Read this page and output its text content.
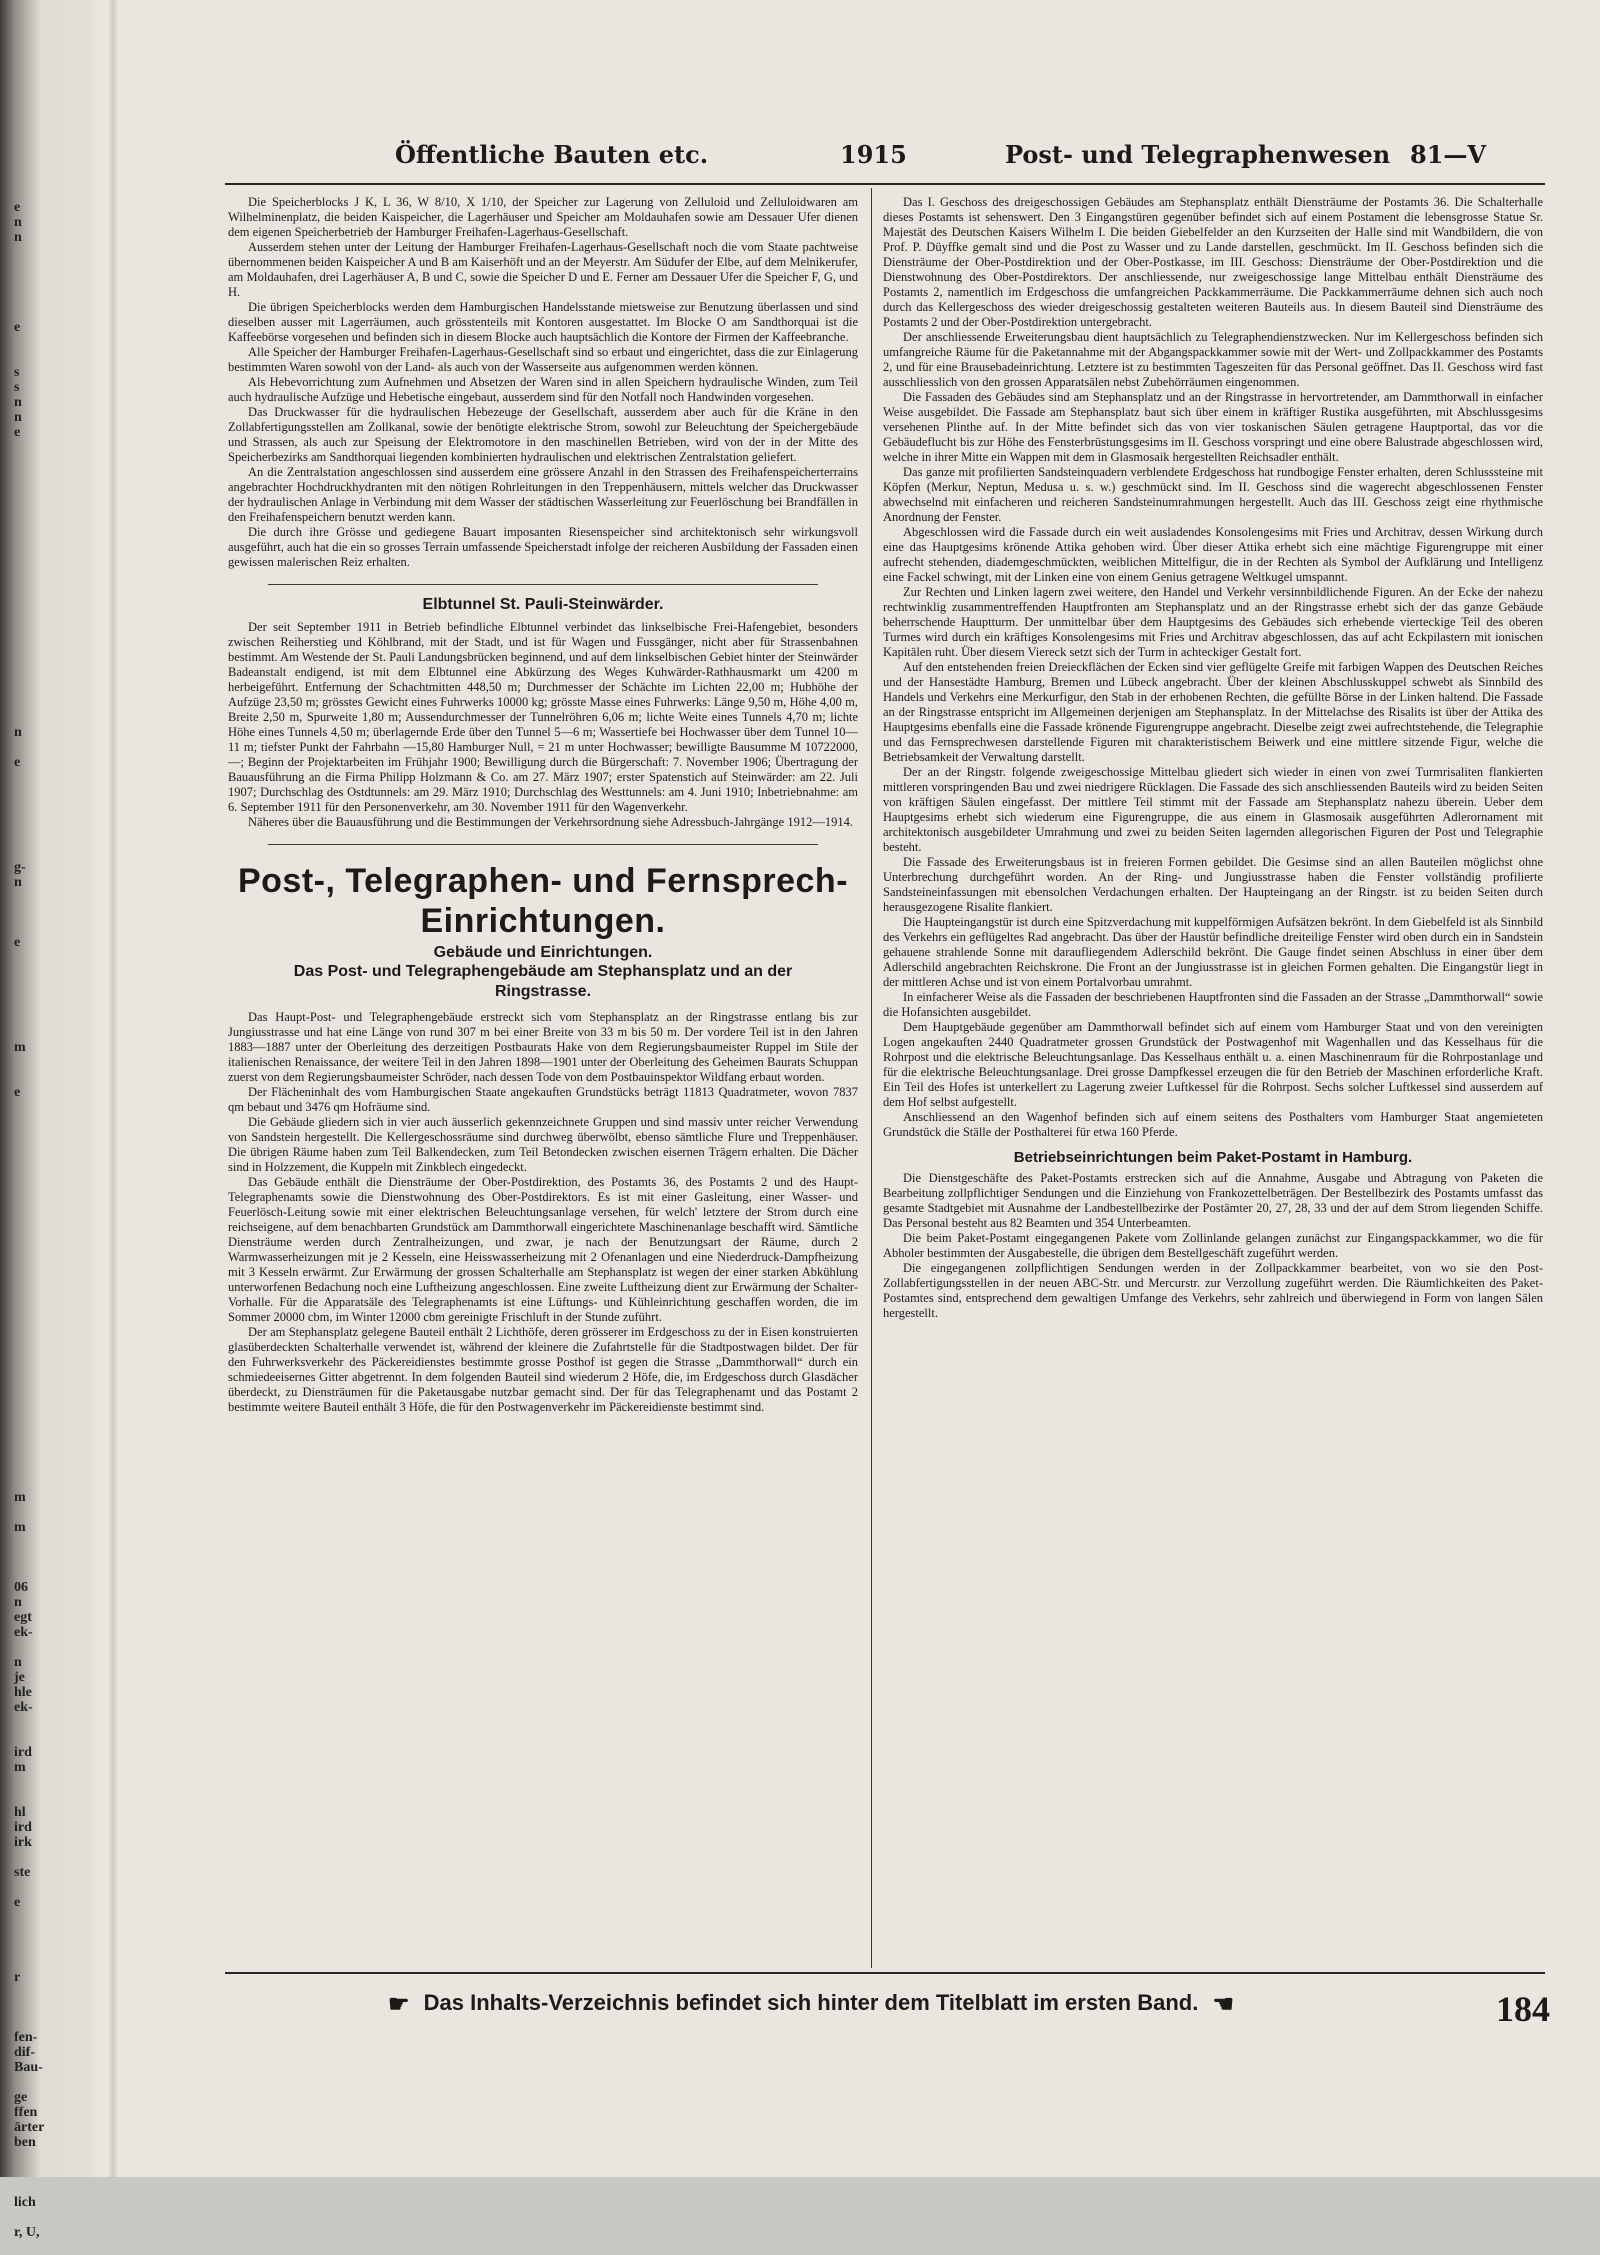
e
n
n
e
s
s
n
n
e
n
e
g-
n
e
m
e
m
m
06
n
egt
ek-
n
je
hle
ek-
ird
m
hl
ird
irk
ste
e
r
fen-
dif-
Bau-
ge
ffen
ärter
ben
lich
r, U,
Öffentliche Bauten etc.	1915	Post- und Telegraphenwesen 81—V

Die Speicherblocks J K, L 36, W 8/10, X 1/10, der Speicher zur Lagerung von Zelluloid und Zelluloidwaren am Wilhelminenplatz, die beiden Kaispeicher, die Lagerhäuser und Speicher am Moldauhafen sowie am Dessauer Ufer dienen dem eigenen Speicherbetrieb der Hamburger Freihafen-Lagerhaus-Gesellschaft.

Ausserdem stehen unter der Leitung der Hamburger Freihafen-Lagerhaus-Gesellschaft noch die vom Staate pachtweise übernommenen beiden Kaispeicher A und B am Kaiserhöft und an der Meyerstr. Am Südufer der Elbe, auf dem Melnikerufer, am Moldauhafen, drei Lagerhäuser A, B und C, sowie die Speicher D und E. Ferner am Dessauer Ufer die Speicher F, G, und H.

Die übrigen Speicherblocks werden dem Hamburgischen Handelsstande mietsweise zur Benutzung überlassen und sind dieselben ausser mit Lagerräumen, auch grösstenteils mit Kontoren ausgestattet. Im Blocke O am Sandthorquai ist die Kaffeebörse vorgesehen und befinden sich in diesem Blocke auch hauptsächlich die Kontore der Firmen der Kaffeebranche.

Alle Speicher der Hamburger Freihafen-Lagerhaus-Gesellschaft sind so erbaut und eingerichtet, dass die zur Einlagerung bestimmten Waren sowohl von der Land- als auch von der Wasserseite aus aufgenommen werden können.

Als Hebevorrichtung zum Aufnehmen und Absetzen der Waren sind in allen Speichern hydraulische Winden, zum Teil auch hydraulische Aufzüge und Hebetische eingebaut, ausserdem sind für den Notfall noch Handwinden vorgesehen.

Das Druckwasser für die hydraulischen Hebezeuge der Gesellschaft, ausserdem aber auch für die Kräne in den Zollabfertigungsstellen am Zollkanal, sowie der benötigte elektrische Strom, sowohl zur Beleuchtung der Speichergebäude und Strassen, als auch zur Speisung der Elektromotore in den maschinellen Betrieben, wird von der in der Mitte des Speicherbezirks am Sandthorquai liegenden kombinierten hydraulischen und elektrischen Zentralstation geliefert.

An die Zentralstation angeschlossen sind ausserdem eine grössere Anzahl in den Strassen des Freihafenspeicherterrains angebrachter Hochdruckhydranten mit den nötigen Rohrleitungen in den Treppenhäusern, mittels welcher das Druckwasser der hydraulischen Anlage in Verbindung mit dem Wasser der städtischen Wasserleitung zur Feuerlöschung bei Brandfällen in den Freihafenspeichern benutzt werden kann.

Die durch ihre Grösse und gediegene Bauart imposanten Riesenspeicher sind architektonisch sehr wirkungsvoll ausgeführt, auch hat die ein so grosses Terrain umfassende Speicherstadt infolge der reicheren Ausbildung der Fassaden einen gewissen malerischen Reiz erhalten.

Elbtunnel St. Pauli-Steinwärder.

Der seit September 1911 in Betrieb befindliche Elbtunnel verbindet das linkselbische Frei-Hafengebiet, besonders zwischen Reiherstieg und Köhlbrand, mit der Stadt, und ist für Wagen und Fussgänger, nicht aber für Strassenbahnen bestimmt. Am Westende der St. Pauli Landungsbrücken beginnend, und auf dem linkselbischen Gebiet hinter der Steinwärder Badeanstalt endigend, ist mit dem Elbtunnel eine Abkürzung des Weges Kuhwärder-Rathhausmarkt um 4200 m herbeigeführt. Entfernung der Schachtmitten 448,50 m; Durchmesser der Schächte im Lichten 22,00 m; Hubhöhe der Aufzüge 23,50 m; grösstes Gewicht eines Fuhrwerks 10000 kg; grösste Masse eines Fuhrwerks: Länge 9,50 m, Höhe 4,00 m, Breite 2,50 m, Spurweite 1,80 m; Aussendurchmesser der Tunnelröhren 6,06 m; lichte Weite eines Tunnels 4,70 m; lichte Höhe eines Tunnels 4,50 m; überlagernde Erde über den Tunnel 5—6 m; Wassertiefe bei Hochwasser über dem Tunnel 10—11 m; tiefster Punkt der Fahrbahn —15,80 Hamburger Null, = 21 m unter Hochwasser; bewilligte Bausumme M 10722000,—; Beginn der Projektarbeiten im Frühjahr 1900; Bewilligung durch die Bürgerschaft: 7. November 1906; Übertragung der Bauausführung an die Firma Philipp Holzmann & Co. am 27. März 1907; erster Spatenstich auf Steinwärder: am 22. Juli 1907; Durchschlag des Ostdtunnels: am 29. März 1910; Durchschlag des Westtunnels: am 4. Juni 1910; Inbetriebnahme: am 6. September 1911 für den Personenverkehr, am 30. November 1911 für den Wagenverkehr.

Näheres über die Bauausführung und die Bestimmungen der Verkehrsordnung siehe Adressbuch-Jahrgänge 1912—1914.

Post-, Telegraphen- und Fernsprech-Einrichtungen.
Gebäude und Einrichtungen.
Das Post- und Telegraphengebäude am Stephansplatz und an der Ringstrasse.

Das Haupt-Post- und Telegraphengebäude erstreckt sich vom Stephansplatz an der Ringstrasse entlang bis zur Jungiusstrasse und hat eine Länge von rund 307 m bei einer Breite von 33 m bis 50 m. Der vordere Teil ist in den Jahren 1883—1887 unter der Oberleitung des derzeitigen Postbaurats Hake von dem Regierungsbaumeister Ruppel im Stile der italienischen Renaissance, der weitere Teil in den Jahren 1898—1901 unter der Oberleitung des Geheimen Baurats Schuppan zuerst von dem Regierungsbaumeister Schröder, nach dessen Tode von dem Postbauinspektor Wildfang erbaut worden.

Der Flächeninhalt des vom Hamburgischen Staate angekauften Grundstücks beträgt 11813 Quadratmeter, wovon 7837 qm bebaut und 3476 qm Hofräume sind.

Die Gebäude gliedern sich in vier auch äusserlich gekennzeichnete Gruppen und sind massiv unter reicher Verwendung von Sandstein hergestellt. Die Kellergeschossräume sind durchweg überwölbt, ebenso sämtliche Flure und Treppenhäuser. Die übrigen Räume haben zum Teil Balkendecken, zum Teil Betondecken zwischen eisernen Trägern erhalten. Die Dächer sind in Holzzement, die Kuppeln mit Zinkblech eingedeckt.

Das Gebäude enthält die Diensträume der Ober-Postdirektion, des Postamts 36, des Postamts 2 und des Haupt-Telegraphenamts sowie die Dienstwohnung des Ober-Postdirektors. Es ist mit einer Gasleitung, einer Wasser- und Feuerlösch-Leitung sowie mit einer elektrischen Beleuchtungsanlage versehen, für welch' letztere der Strom durch eine reichseigene, auf dem benachbarten Grundstück am Dammthorwall eingerichtete Maschinenanlage beschafft wird. Sämtliche Diensträume werden durch Zentralheizungen, und zwar, je nach der Benutzungsart der Räume, durch 2 Warmwasserheizungen mit je 2 Kesseln, eine Heisswasserheizung mit 2 Ofenanlagen und eine Niederdruck-Dampfheizung mit 3 Kesseln erwärmt. Zur Erwärmung der grossen Schalterhalle am Stephansplatz ist wegen der einer starken Abkühlung unterworfenen Bedachung noch eine Luftheizung angeschlossen. Eine zweite Luftheizung dient zur Erwärmung der Schalter-Vorhalle. Für die Apparatsäle des Telegraphenamts ist eine Lüftungs- und Kühleinrichtung geschaffen worden, die im Sommer 20000 cbm, im Winter 12000 cbm gereinigte Frischluft in der Stunde zuführt.

Der am Stephansplatz gelegene Bauteil enthält 2 Lichthöfe, deren grösserer im Erdgeschoss zu der in Eisen konstruierten glasüberdeckten Schalterhalle verwendet ist, während der kleinere die Zufahrtstelle für die Stadtpostwagen bildet. Der für den Fuhrwerksverkehr des Päckereidienstes bestimmte grosse Posthof ist gegen die Strasse „Dammthorwall“ durch ein schmiedeeisernes Gitter abgetrennt. In dem folgenden Bauteil sind wiederum 2 Höfe, die, im Erdgeschoss durch Glasdächer überdeckt, zu Diensträumen für die Paketausgabe nutzbar gemacht sind. Der für das Telegraphenamt und das Postamt 2 bestimmte weitere Bauteil enthält 3 Höfe, die für den Postwagenverkehr im Päckereidienste bestimmt sind.

Das I. Geschoss des dreigeschossigen Gebäudes am Stephansplatz enthält Diensträume der Postamts 36. Die Schalterhalle dieses Postamts ist sehenswert. Den 3 Eingangstüren gegenüber befindet sich auf einem Postament die lebensgrosse Statue Sr. Majestät des Deutschen Kaisers Wilhelm I. Die beiden Giebelfelder an den Kurzseiten der Halle sind mit Wandbildern, die von Prof. P. Düyffke gemalt sind und die Post zu Wasser und zu Lande darstellen, geschmückt. Im II. Geschoss befinden sich die Diensträume der Ober-Postdirektion und der Ober-Postkasse, im III. Geschoss: Diensträume der Ober-Postdirektion und die Dienstwohnung des Ober-Postdirektors. Der anschliessende, nur zweigeschossige lange Mittelbau enthält Diensträume des Postamts 2, namentlich im Erdgeschoss die umfangreichen Packkammerräume. Die Packkammerräume dehnen sich auch noch durch das Kellergeschoss des wieder dreigeschossig gestalteten weiteren Bauteils aus. In diesem Bauteil sind Diensträume des Postamts 2 und der Ober-Postdirektion untergebracht.

Der anschliessende Erweiterungsbau dient hauptsächlich zu Telegraphendienstzwecken. Nur im Kellergeschoss befinden sich umfangreiche Räume für die Paketannahme mit der Abgangspackkammer sowie mit der Wert- und Zollpackkammer des Postamts 2, und für eine Brausebadeinrichtung. Letztere ist zu bestimmten Tageszeiten für das Personal geöffnet. Das II. Geschoss wird fast ausschliesslich von den grossen Apparatsälen nebst Zubehörräumen eingenommen.

Die Fassaden des Gebäudes sind am Stephansplatz und an der Ringstrasse in hervortretender, am Dammthorwall in einfacher Weise ausgebildet. Die Fassade am Stephansplatz baut sich über einem in kräftiger Rustika ausgeführten, mit Abschlussgesims versehenen Plinthe auf. In der Mitte befindet sich das von vier toskanischen Säulen getragene Hauptportal, das vor die Gebäudeflucht bis zur Höhe des Fensterbrüstungsgesims im II. Geschoss vorspringt und eine obere Balustrade abgeschlossen wird, welche in ihrer Mitte ein Wappen mit dem in Glasmosaik hergestellten Reichsadler enthält.

Das ganze mit profilierten Sandsteinquadern verblendete Erdgeschoss hat rundbogige Fenster erhalten, deren Schlusssteine mit Köpfen (Merkur, Neptun, Medusa u. s. w.) geschmückt sind. Im II. Geschoss sind die wagerecht abgeschlossenen Fenster abwechselnd mit einfacheren und reicheren Sandsteinumrahmungen hergestellt. Auch das III. Geschoss zeigt eine rhythmische Anordnung der Fenster.

Abgeschlossen wird die Fassade durch ein weit ausladendes Konsolengesims mit Fries und Architrav, dessen Wirkung durch eine das Hauptgesims krönende Attika gehoben wird. Über dieser Attika erhebt sich eine mächtige Figurengruppe mit einer aufrecht stehenden, diademgeschmückten, weiblichen Mittelfigur, die in der Rechten als Symbol der Aufklärung und Intelligenz eine Fackel schwingt, mit der Linken eine von einem Genius getragene Weltkugel umspannt.

Zur Rechten und Linken lagern zwei weitere, den Handel und Verkehr versinnbildlichende Figuren. An der Ecke der nahezu rechtwinklig zusammentreffenden Hauptfronten am Stephansplatz und an der Ringstrasse erhebt sich der das ganze Gebäude beherrschende Hauptturm. Der unmittelbar über dem Hauptgesims des Gebäudes sich erhebende vierteckige Teil des oberen Turmes wird durch ein kräftiges Konsolengesims mit Fries und Architrav abgeschlossen, das auf acht Eckpilastern mit ionischen Kapitälen ruht. Über diesem Viereck setzt sich der Turm in achteckiger Gestalt fort.

Auf den entstehenden freien Dreieckflächen der Ecken sind vier geflügelte Greife mit farbigen Wappen des Deutschen Reiches und der Hansestädte Hamburg, Bremen und Lübeck angebracht. Über der kleinen Abschlusskuppel schwebt als Sinnbild des Handels und Verkehrs eine Merkurfigur, den Stab in der erhobenen Rechten, die gefüllte Börse in der Linken haltend. Die Fassade an der Ringstrasse entspricht im Allgemeinen derjenigen am Stephansplatz. In der Mittelachse des Risalits ist über der Attika des Hauptgesims ebenfalls eine die Fassade krönende Figurengruppe angebracht. Dieselbe zeigt zwei aufrechtstehende, die Telegraphie und das Fernsprechwesen darstellende Figuren mit charakteristischem Beiwerk und eine mittlere sitzende Figur, welche die Betriebsamkeit der Verwaltung darstellt.

Der an der Ringstr. folgende zweigeschossige Mittelbau gliedert sich wieder in einen von zwei Turmrisaliten flankierten mittleren vorspringenden Bau und zwei niedrigere Rücklagen. Die Fassade des sich anschliessenden Bauteils wird zu beiden Seiten von kräftigen Säulen eingefasst. Der mittlere Teil stimmt mit der Fassade am Stephansplatz nahezu überein. Ueber dem Hauptgesims erhebt sich wiederum eine Figurengruppe, die aus einem in Glasmosaik ausgeführten Adlerornament mit architektonisch ausgebildeter Umrahmung und zwei zu beiden Seiten lagernden allegorischen Figuren der Post und Telegraphie besteht.

Die Fassade des Erweiterungsbaus ist in freieren Formen gebildet. Die Gesimse sind an allen Bauteilen möglichst ohne Unterbrechung durchgeführt worden. An der Ring- und Jungiusstrasse haben die Fenster vollständig profilierte Sandsteineinfassungen mit ebensolchen Verdachungen erhalten. Der Haupteingang an der Ringstr. ist zu beiden Seiten durch herausgezogene Risalite flankiert.

Die Haupteingangstür ist durch eine Spitzverdachung mit kuppelförmigen Aufsätzen bekrönt. In dem Giebelfeld ist als Sinnbild des Verkehrs ein geflügeltes Rad angebracht. Das über der Haustür befindliche dreiteilige Fenster wird oben durch ein in Sandstein gehauene strahlende Sonne mit daraufliegendem Adlerschild bekrönt. Die Gauge findet seinen Abschluss in einer über dem Adlerschild angebrachten Reichskrone. Die Front an der Jungiusstrasse ist in gleichen Formen gehalten. Die Eingangstür liegt in der mittleren Achse und ist von einem Portalvorbau umrahmt.

In einfacherer Weise als die Fassaden der beschriebenen Hauptfronten sind die Fassaden an der Strasse „Dammthorwall“ sowie die Hofansichten ausgebildet.

Dem Hauptgebäude gegenüber am Dammthorwall befindet sich auf einem vom Hamburger Staat und von den vereinigten Logen angekauften 2440 Quadratmeter grossen Grundstück der Postwagenhof mit Wagenhallen und das Kesselhaus für die Rohrpost und die elektrische Beleuchtungsanlage. Das Kesselhaus enthält u. a. einen Maschinenraum für die Rohrpostanlage und für die elektrische Beleuchtungsanlage. Drei grosse Dampfkessel erzeugen die für den Betrieb der Maschinen erforderliche Kraft. Ein Teil des Hofes ist unterkellert zu Lagerung zweier Luftkessel für die Rohrpost. Sechs solcher Luftkessel sind ausserdem auf dem Hof selbst aufgestellt.

Anschliessend an den Wagenhof befinden sich auf einem seitens des Posthalters vom Hamburger Staat angemieteten Grundstück die Ställe der Posthalterei für etwa 160 Pferde.

Betriebseinrichtungen beim Paket-Postamt in Hamburg.

Die Dienstgeschäfte des Paket-Postamts erstrecken sich auf die Annahme, Ausgabe und Abtragung von Paketen die Bearbeitung zollpflichtiger Sendungen und die Einziehung von Frankozettelbeträgen. Der Bestellbezirk des Postamts umfasst das gesamte Stadtgebiet mit Ausnahme der Landbestellbezirke der Postämter 20, 27, 28, 33 und der auf dem Strom liegenden Schiffe. Das Personal besteht aus 82 Beamten und 354 Unterbeamten.

Die beim Paket-Postamt eingegangenen Pakete vom Zollinlande gelangen zunächst zur Eingangspackkammer, wo die für Abholer bestimmten der Ausgabestelle, die übrigen dem Bestellgeschäft zugeführt werden.

Die eingegangenen zollpflichtigen Sendungen werden in der Zollpackkammer bearbeitet, von wo sie den Post-Zollabfertigungsstellen in der neuen ABC-Str. und Mercurstr. zur Verzollung zugeführt werden. Die Räumlichkeiten des Paket-Postamtes sind, entsprechend dem gewaltigen Umfange des Verkehrs, sehr zahlreich und überwiegend in Form von langen Sälen hergestellt.

☛ Das Inhalts-Verzeichnis befindet sich hinter dem Titelblatt im ersten Band. ☚	184
